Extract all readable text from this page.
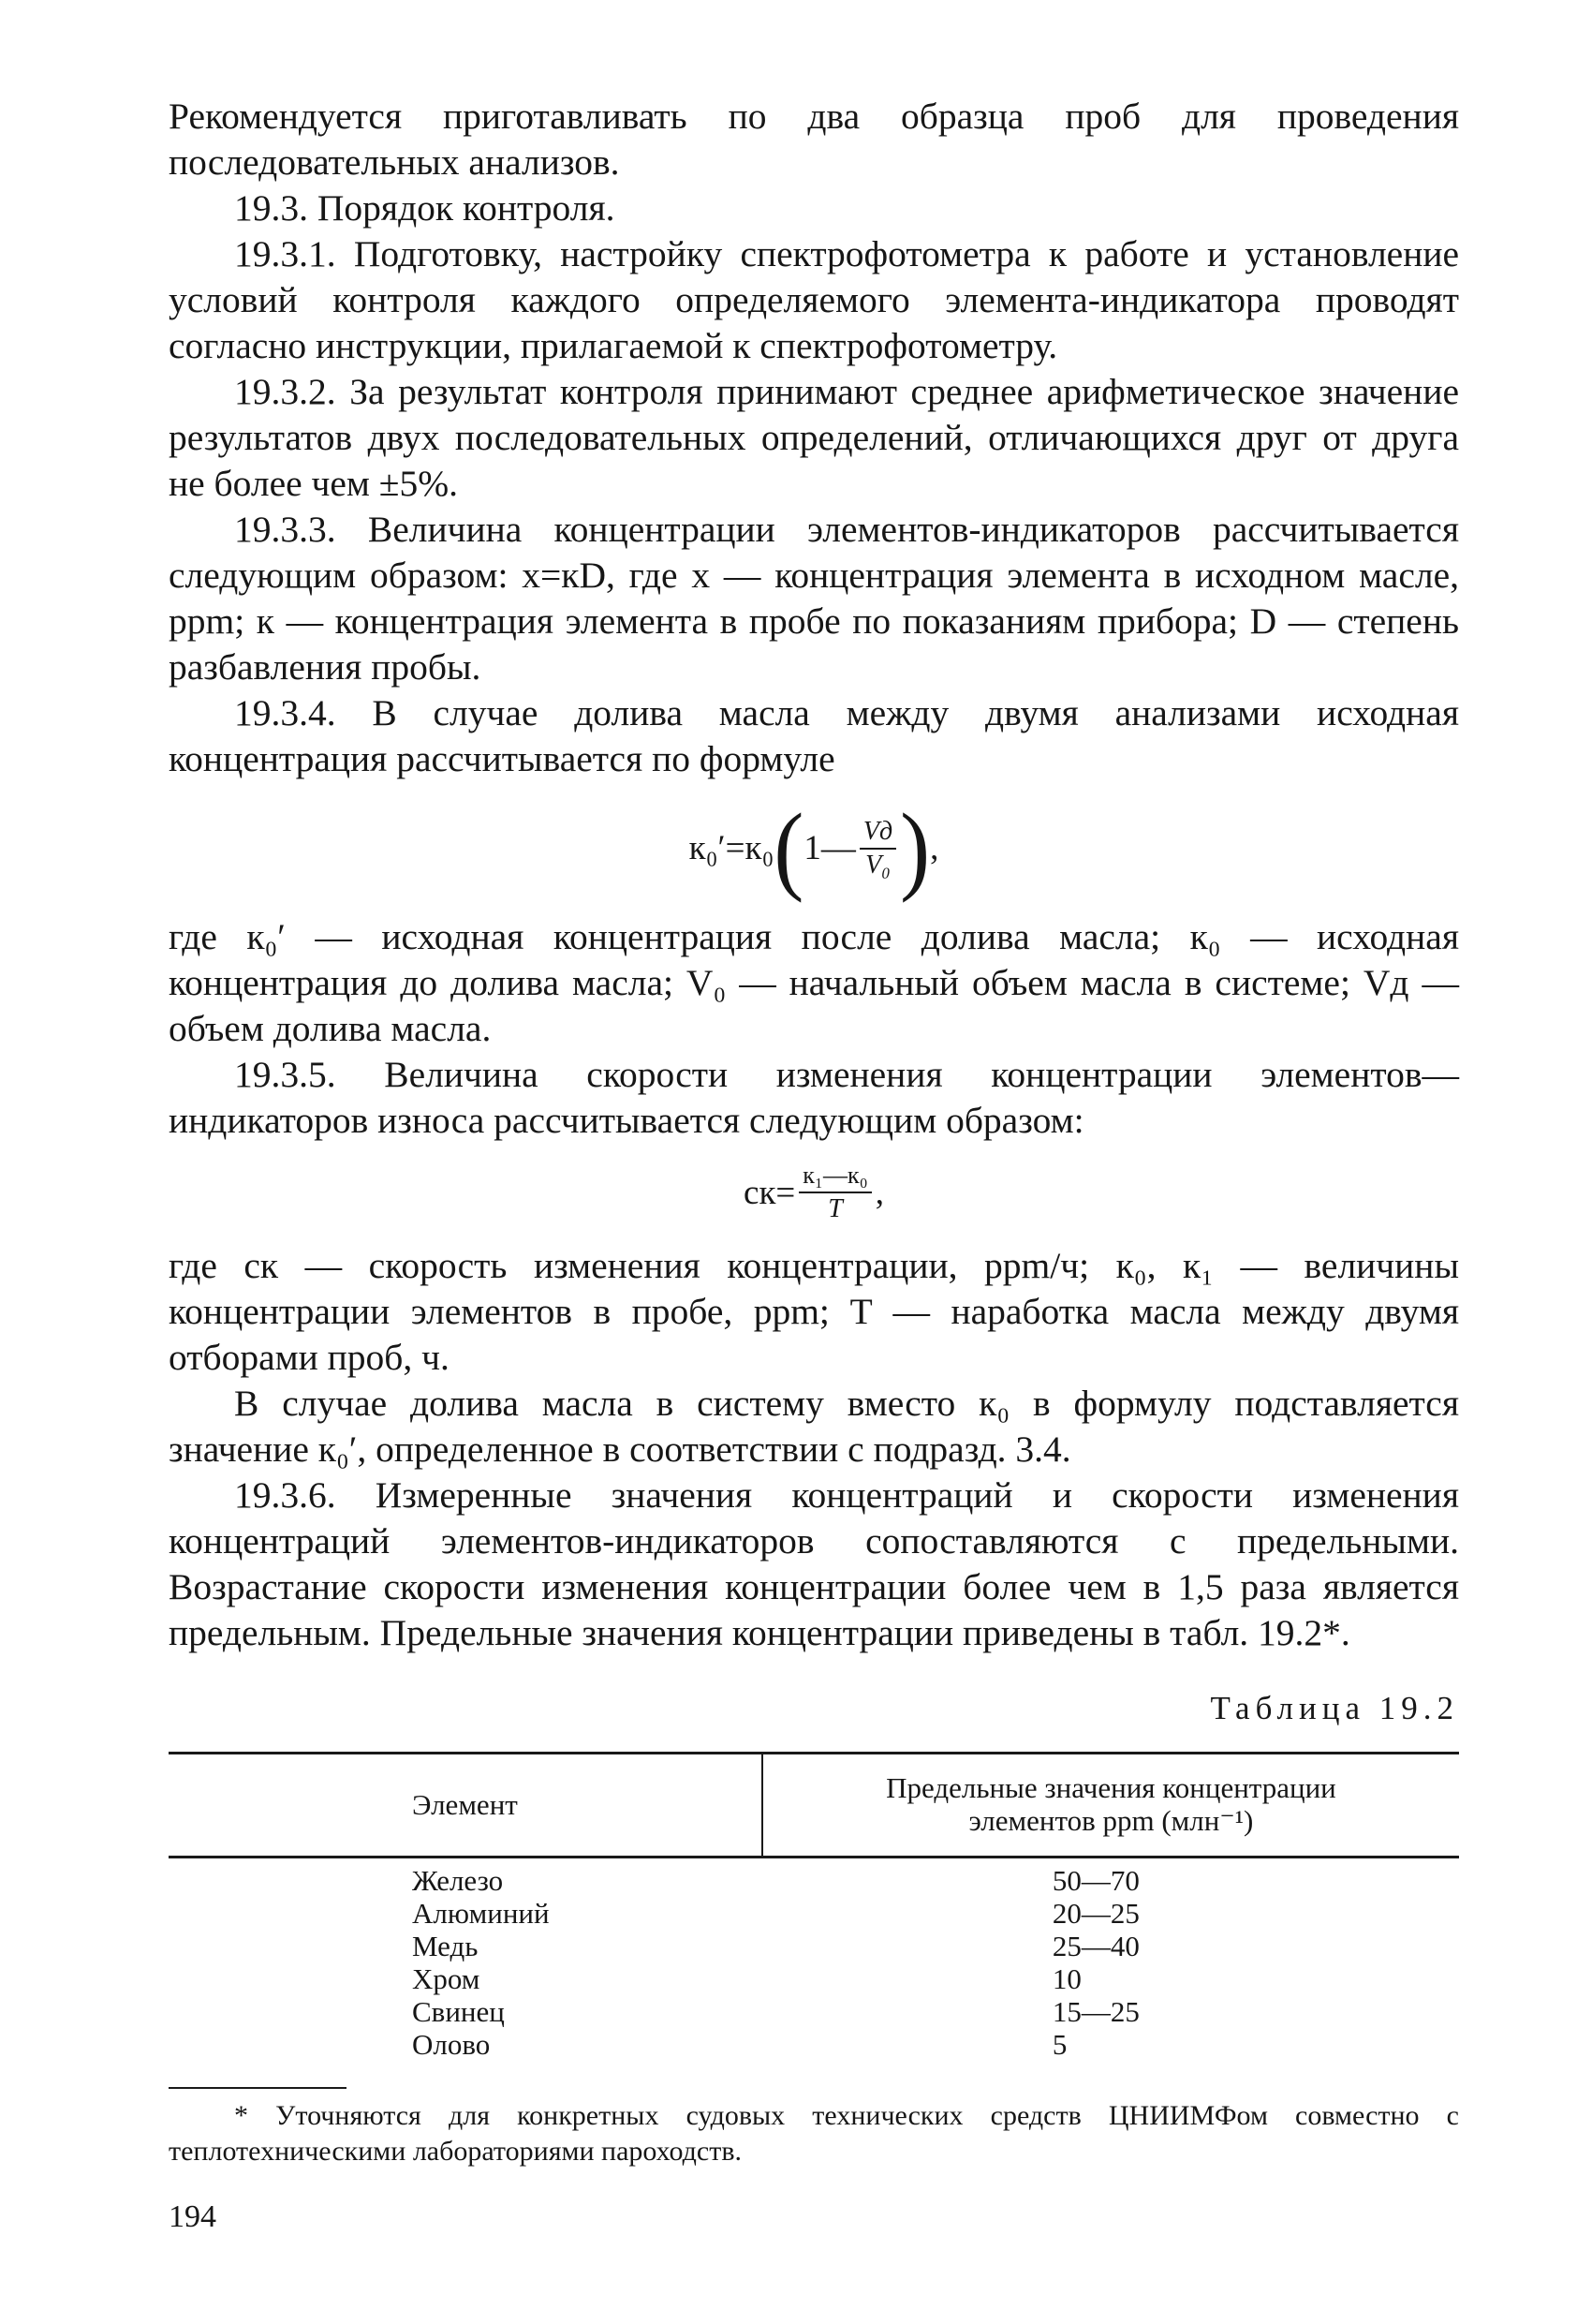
Рекомендуется приготавливать по два образца проб для проведения последовательных анализов.

19.3. Порядок контроля.

19.3.1. Подготовку, настройку спектрофотометра к работе и установление условий контроля каждого определяемого элемента-индикатора проводят согласно инструкции, прилагаемой к спектрофотометру.

19.3.2. За результат контроля принимают среднее арифметическое значение результатов двух последовательных определений, отличающихся друг от друга не более чем ±5%.

19.3.3. Величина концентрации элементов-индикаторов рассчитывается следующим образом: x=кD, где x — концентрация элемента в исходном масле, ppm; к — концентрация элемента в пробе по показаниям прибора; D — степень разбавления пробы.

19.3.4. В случае долива масла между двумя анализами исходная концентрация рассчитывается по формуле

к₀′=к₀ ( 1— $\frac{Vд}{\text{V₀}}$ ) ,

где к₀′ — исходная концентрация после долива масла; к₀ — исходная концентрация до долива масла; V₀ — начальный объем масла в системе; Vд — объем долива масла.

19.3.5. Величина скорости изменения концентрации элементов—индикаторов износа рассчитывается следующим образом:

$cк= \frac{\text{к₁—к₀}}{T}$ ,

где cк — скорость изменения концентрации, ppm/ч; к₀, к₁ — величины концентрации элементов в пробе, ppm; T — наработка масла между двумя отборами проб, ч.

В случае долива масла в систему вместо к₀ в формулу подставляется значение к₀′, определенное в соответствии с подразд. 3.4.

19.3.6. Измеренные значения концентраций и скорости изменения концентраций элементов-индикаторов сопоставляются с предельными. Возрастание скорости изменения концентрации более чем в 1,5 раза является предельным. Предельные значения концентрации приведены в табл. 19.2*.

Таблица 19.2
Элемент	Предельные значения концентрации
элементов ppm (млн⁻¹)
Железо	50—70
Алюминий	20—25
Медь	25—40
Хром	10
Свинец	15—25
Олово	5

* Уточняются для конкретных судовых технических средств ЦНИИМФом совместно с теплотехническими лабораториями пароходств.

194
